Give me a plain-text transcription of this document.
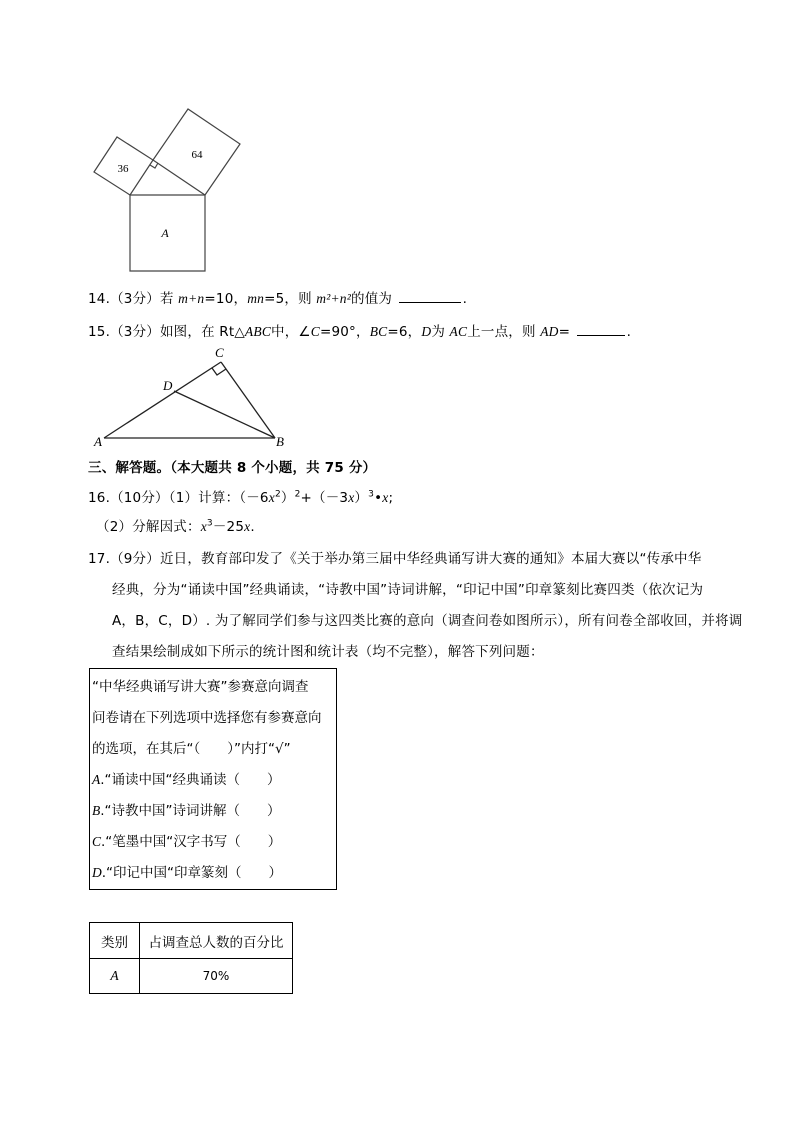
36
64
A
14.（3分）若 m+n=10，mn=5，则 m²+n²的值为	.
15.（3分）如图，在 Rt△ABC中，∠C=90°，BC=6，D为 AC上一点，则 AD=	.
A	B
C
D
三、解答题。（本大题共 8 个小题，共 75 分）
16.（10分）（1）计算：$(-6x^2)^2+(-3x)^3•x$;
（2）分解因式：$x^3-25x$.
17.（9分）近日，教育部印发了《关于举办第三届中华经典诵写讲大赛的通知》本届大赛以“传承中华
经典，分为“诵读中国”经典诵读，“诗教中国”诗词讲解，“印记中国”印章篆刻比赛四类（依次记为
A，B，C，D）. 为了解同学们参与这四类比赛的意向（调查问卷如图所示），所有问卷全部收回，并将调
查结果绘制成如下所示的统计图和统计表（均不完整），解答下列问题：
“中华经典诵写讲大赛”参赛意向调查
问卷请在下列选项中选择您有参赛意向
的选项，在其后“（　　）”内打“√”
A.“诵读中国“经典诵读（　　）
B.“诗教中国”诗词讲解（　　）
C.“笔墨中国“汉字书写（　　）
D.“印记中国“印章篆刻（　　）
类别	占调查总人数的百分比
A	70%
